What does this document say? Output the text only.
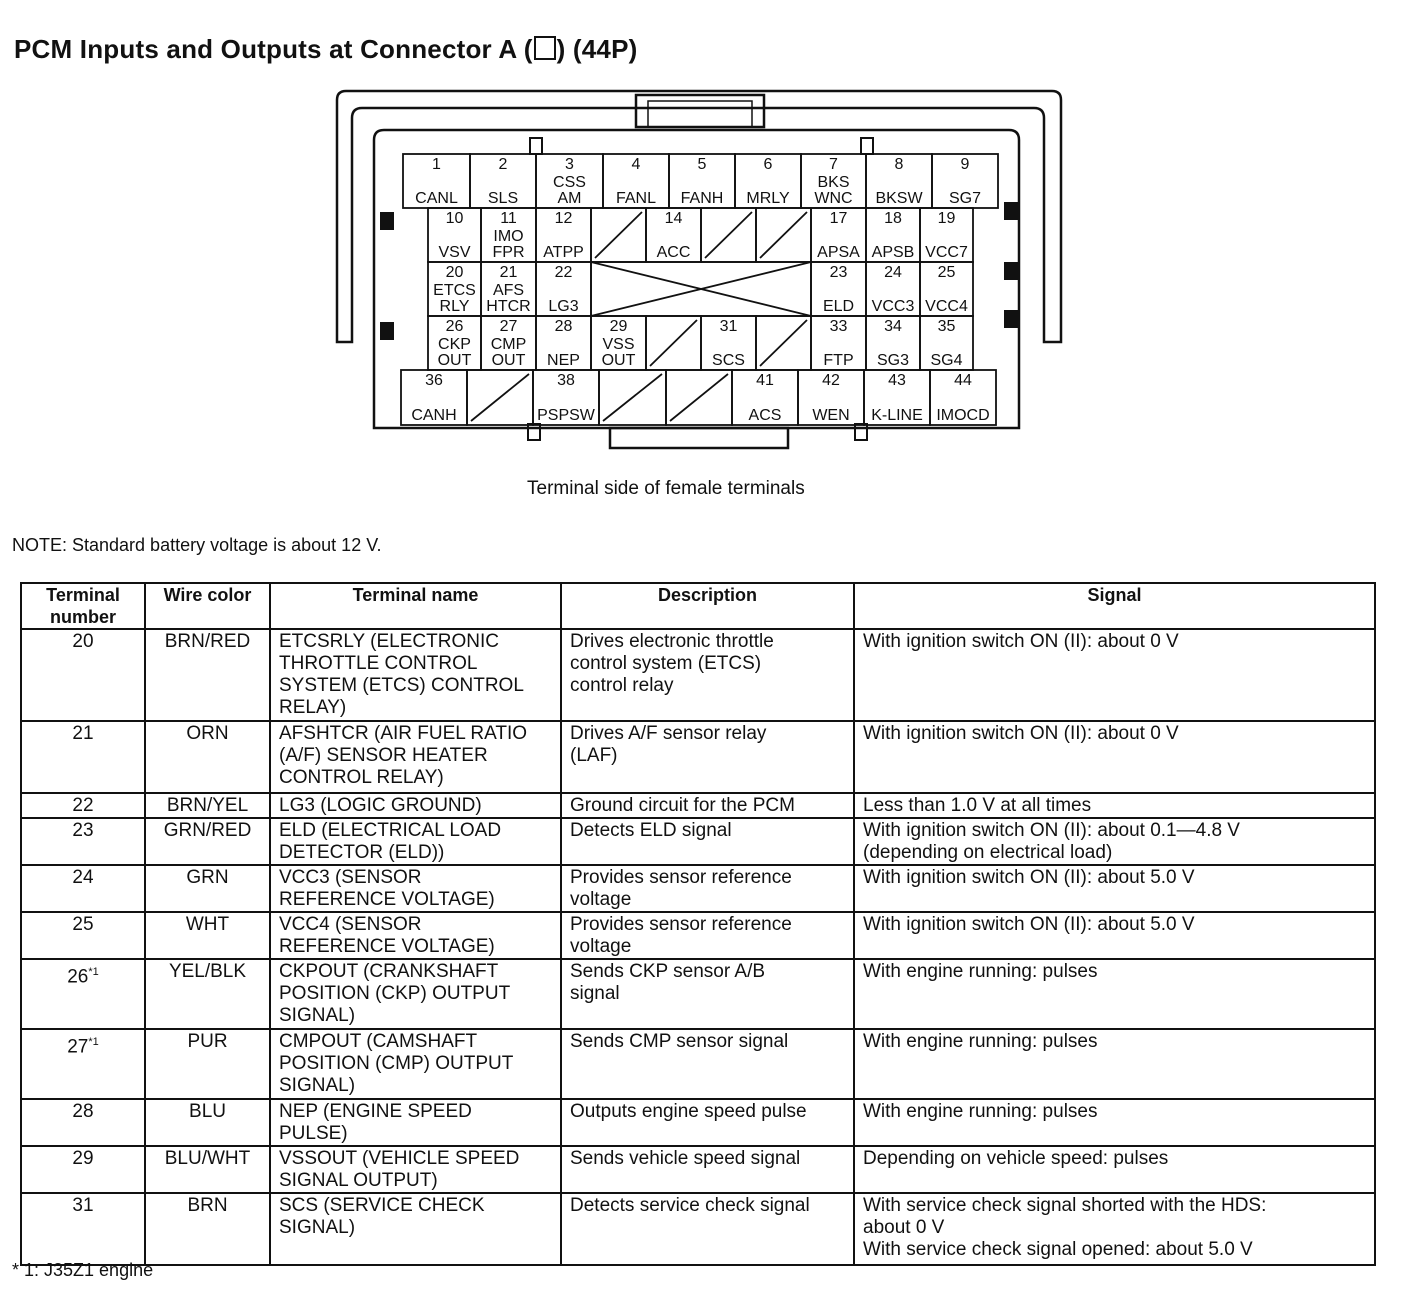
PCM Inputs and Outputs at Connector A ( ) (44P)
1
CANL
2
SLS
3
CSS AM
4
FANL
5
FANH
6
MRLY
7
BKS WNC
8
BKSW
9
SG7
10
VSV
11
IMO FPR
12
ATPP
14
ACC
17
APSA
18
APSB
19
VCC7
20
ETCS RLY
21
AFS HTCR
22
LG3
23
ELD
24
VCC3
25
VCC4
26
CKP OUT
27
CMP OUT
28
NEP
29
VSS OUT
31
SCS
33
FTP
34
SG3
35
SG4
36
CANH
38
PSPSW
41
ACS
42
WEN
43
K-LINE
44
IMOCD
Terminal side of female terminals
NOTE: Standard battery voltage is about 12 V.
Terminal number	Wire color	Terminal name	Description	Signal
20	BRN/RED	ETCSRLY (ELECTRONIC
THROTTLE CONTROL
SYSTEM (ETCS) CONTROL
RELAY)	Drives electronic throttle
control system (ETCS)
control relay	With ignition switch ON (II): about 0 V
21	ORN	AFSHTCR (AIR FUEL RATIO
(A/F) SENSOR HEATER
CONTROL RELAY)	Drives A/F sensor relay
(LAF)	With ignition switch ON (II): about 0 V
22	BRN/YEL	LG3 (LOGIC GROUND)	Ground circuit for the PCM	Less than 1.0 V at all times
23	GRN/RED	ELD (ELECTRICAL LOAD
DETECTOR (ELD))	Detects ELD signal	With ignition switch ON (II): about 0.1—4.8 V
(depending on electrical load)
24	GRN	VCC3 (SENSOR
REFERENCE VOLTAGE)	Provides sensor reference
voltage	With ignition switch ON (II): about 5.0 V
25	WHT	VCC4 (SENSOR
REFERENCE VOLTAGE)	Provides sensor reference
voltage	With ignition switch ON (II): about 5.0 V
26$^{*1}$	YEL/BLK	CKPOUT (CRANKSHAFT
POSITION (CKP) OUTPUT
SIGNAL)	Sends CKP sensor A/B
signal	With engine running: pulses
27$^{*1}$	PUR	CMPOUT (CAMSHAFT
POSITION (CMP) OUTPUT
SIGNAL)	Sends CMP sensor signal	With engine running: pulses
28	BLU	NEP (ENGINE SPEED
PULSE)	Outputs engine speed pulse	With engine running: pulses
29	BLU/WHT	VSSOUT (VEHICLE SPEED
SIGNAL OUTPUT)	Sends vehicle speed signal	Depending on vehicle speed: pulses
31	BRN	SCS (SERVICE CHECK
SIGNAL)	Detects service check signal	With service check signal shorted with the HDS:
about 0 V
With service check signal opened: about 5.0 V
* 1: J35Z1 engine
